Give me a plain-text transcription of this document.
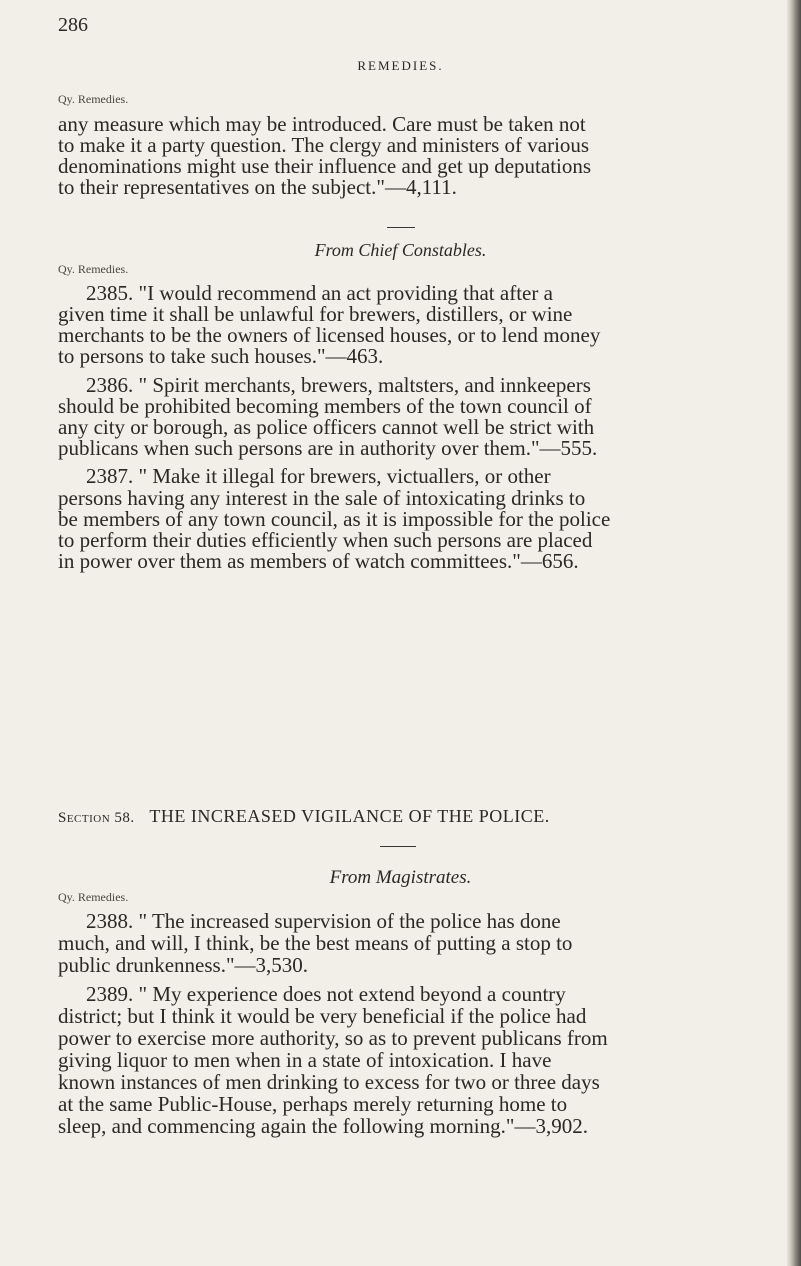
286
REMEDIES.
Qy. Remedies.
any measure which may be introduced. Care must be taken not
to make it a party question. The clergy and ministers of various
denominations might use their influence and get up deputations
to their representatives on the subject."—4,111.
From Chief Constables.
Qy. Remedies.
2385. "I would recommend an act providing that after a
given time it shall be unlawful for brewers, distillers, or wine
merchants to be the owners of licensed houses, or to lend money
to persons to take such houses."—463.
2386. " Spirit merchants, brewers, maltsters, and innkeepers
should be prohibited becoming members of the town council of
any city or borough, as police officers cannot well be strict with
publicans when such persons are in authority over them."—555.
2387. " Make it illegal for brewers, victuallers, or other
persons having any interest in the sale of intoxicating drinks to
be members of any town council, as it is impossible for the police
to perform their duties efficiently when such persons are placed
in power over them as members of watch committees."—656.
Section 58. THE INCREASED VIGILANCE OF THE POLICE.
From Magistrates.
Qy. Remedies.
2388. " The increased supervision of the police has done
much, and will, I think, be the best means of putting a stop to
public drunkenness."—3,530.
2389. " My experience does not extend beyond a country
district; but I think it would be very beneficial if the police had
power to exercise more authority, so as to prevent publicans from
giving liquor to men when in a state of intoxication. I have
known instances of men drinking to excess for two or three days
at the same Public-House, perhaps merely returning home to
sleep, and commencing again the following morning."—3,902.
